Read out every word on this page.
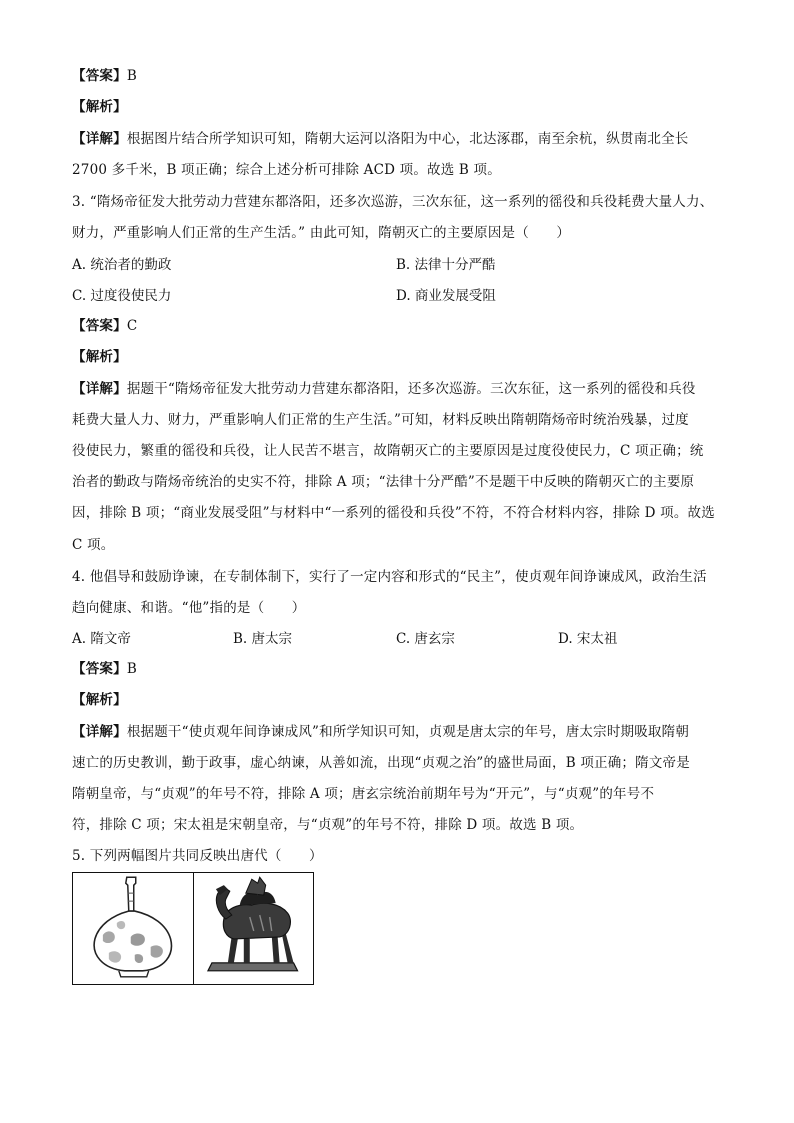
【答案】B
【解析】
【详解】根据图片结合所学知识可知，隋朝大运河以洛阳为中心，北达涿郡，南至余杭，纵贯南北全长
2700 多千米，B 项正确；综合上述分析可排除 ACD 项。故选 B 项。
3. “隋炀帝征发大批劳动力营建东都洛阳，还多次巡游，三次东征，这一系列的徭役和兵役耗费大量人力、
财力，严重影响人们正常的生产生活。” 由此可知，隋朝灭亡的主要原因是（　　）
A. 统治者的勤政	B. 法律十分严酷
C. 过度役使民力	D. 商业发展受阻
【答案】C
【解析】
【详解】据题干“隋炀帝征发大批劳动力营建东都洛阳，还多次巡游。三次东征，这一系列的徭役和兵役
耗费大量人力、财力，严重影响人们正常的生产生活。”可知，材料反映出隋朝隋炀帝时统治残暴，过度
役使民力，繁重的徭役和兵役，让人民苦不堪言，故隋朝灭亡的主要原因是过度役使民力，C 项正确；统
治者的勤政与隋炀帝统治的史实不符，排除 A 项；“法律十分严酷”不是题干中反映的隋朝灭亡的主要原
因，排除 B 项；“商业发展受阻”与材料中“一系列的徭役和兵役”不符，不符合材料内容，排除 D 项。故选
C 项。
4. 他倡导和鼓励诤谏，在专制体制下，实行了一定内容和形式的“民主”，使贞观年间诤谏成风，政治生活
趋向健康、和谐。“他”指的是（　　）
A. 隋文帝	B. 唐太宗	C. 唐玄宗	D. 宋太祖
【答案】B
【解析】
【详解】根据题干“使贞观年间诤谏成风”和所学知识可知，贞观是唐太宗的年号，唐太宗时期吸取隋朝
速亡的历史教训，勤于政事，虚心纳谏，从善如流，出现“贞观之治”的盛世局面，B 项正确；隋文帝是
隋朝皇帝，与“贞观”的年号不符，排除 A 项；唐玄宗统治前期年号为“开元”，与“贞观”的年号不
符，排除 C 项；宋太祖是宋朝皇帝，与“贞观”的年号不符，排除 D 项。故选 B 项。
5. 下列两幅图片共同反映出唐代（　　）
